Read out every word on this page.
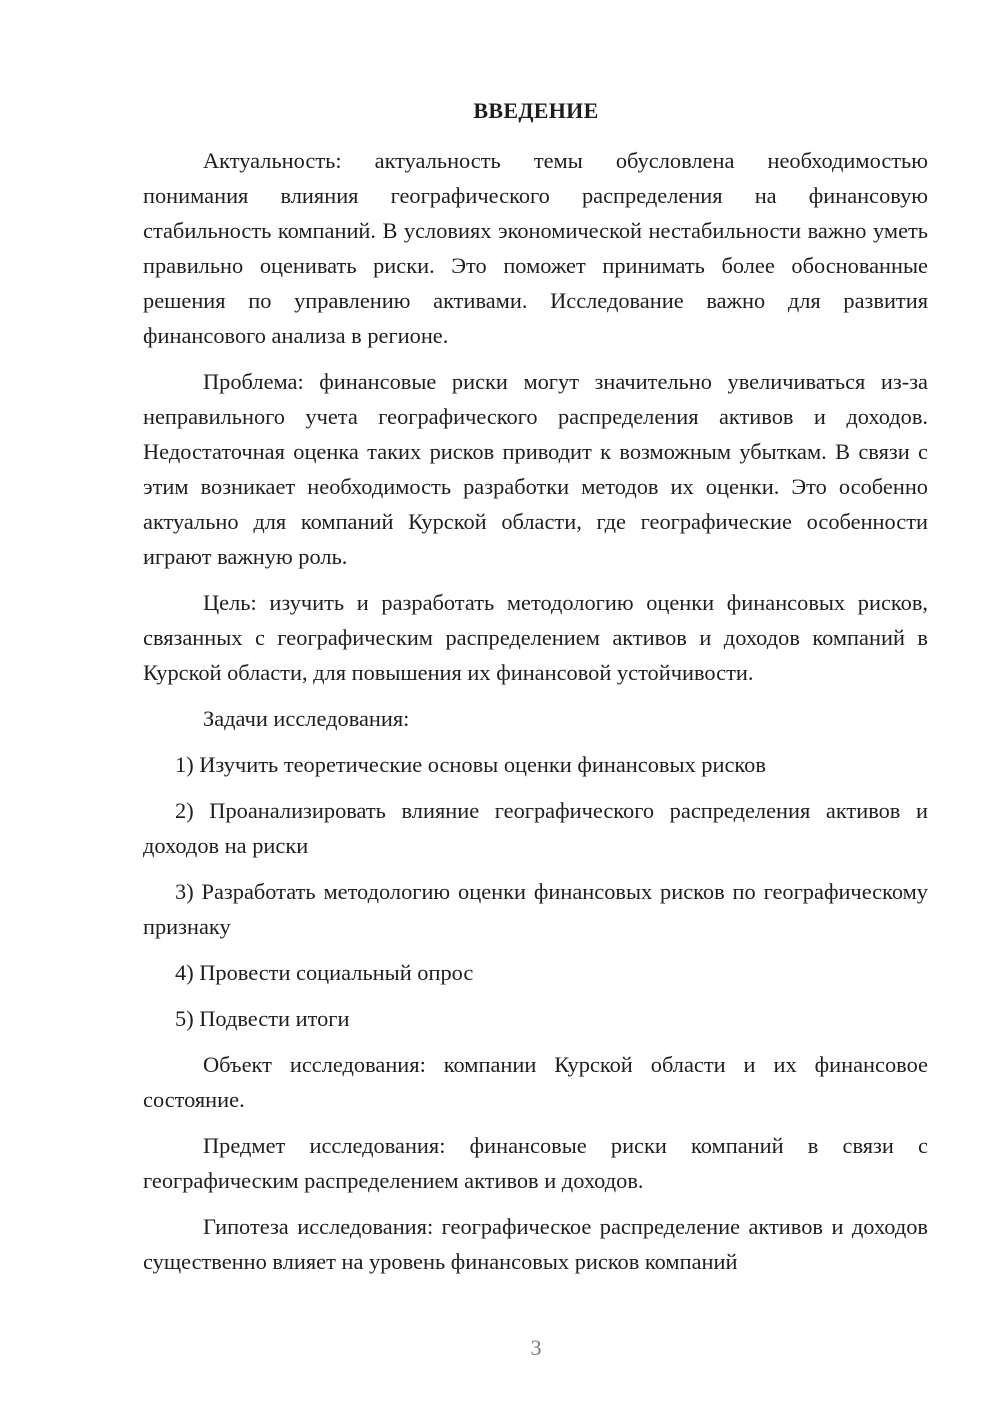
ВВЕДЕНИЕ

Актуальность: актуальность темы обусловлена необходимостью понимания влияния географического распределения на финансовую стабильность компаний. В условиях экономической нестабильности важно уметь правильно оценивать риски. Это поможет принимать более обоснованные решения по управлению активами. Исследование важно для развития финансового анализа в регионе.

Проблема: финансовые риски могут значительно увеличиваться из-за неправильного учета географического распределения активов и доходов. Недостаточная оценка таких рисков приводит к возможным убыткам. В связи с этим возникает необходимость разработки методов их оценки. Это особенно актуально для компаний Курской области, где географические особенности играют важную роль.

Цель: изучить и разработать методологию оценки финансовых рисков, связанных с географическим распределением активов и доходов компаний в Курской области, для повышения их финансовой устойчивости.

Задачи исследования:

1) Изучить теоретические основы оценки финансовых рисков

2) Проанализировать влияние географического распределения активов и доходов на риски

3) Разработать методологию оценки финансовых рисков по географическому признаку

4) Провести социальный опрос

5) Подвести итоги

Объект исследования: компании Курской области и их финансовое состояние.

Предмет исследования: финансовые риски компаний в связи с географическим распределением активов и доходов.

Гипотеза исследования: географическое распределение активов и доходов существенно влияет на уровень финансовых рисков компаний

3
